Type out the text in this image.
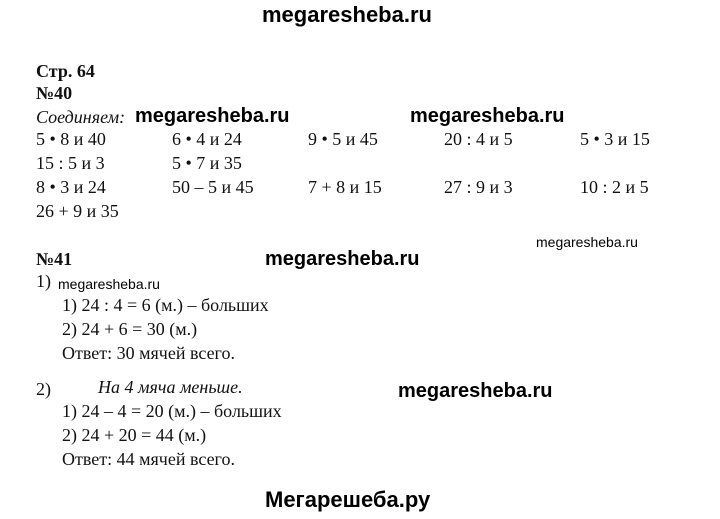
megaresheba.ru
Стр. 64
№40
Соединяем: megaresheba.ru	megaresheba.ru
5 • 8 и 40	6 • 4 и 24	9 • 5 и 45	20 : 4 и 5	5 • 3 и 15
15 : 5 и 3	5 • 7 и 35
8 • 3 и 24	50 – 5 и 45	7 + 8 и 15	27 : 9 и 3	10 : 2 и 5
26 + 9 и 35
№41	megaresheba.ru
megaresheba.ru
1) megaresheba.ru
1) 24 : 4 = 6 (м.) – больших
2) 24 + 6 = 30 (м.)
Ответ: 30 мячей всего.
2)	На 4 мяча меньше.	megaresheba.ru
1) 24 – 4 = 20 (м.) – больших
2) 24 + 20 = 44 (м.)
Ответ: 44 мячей всего.
Мегарешеба.ру
